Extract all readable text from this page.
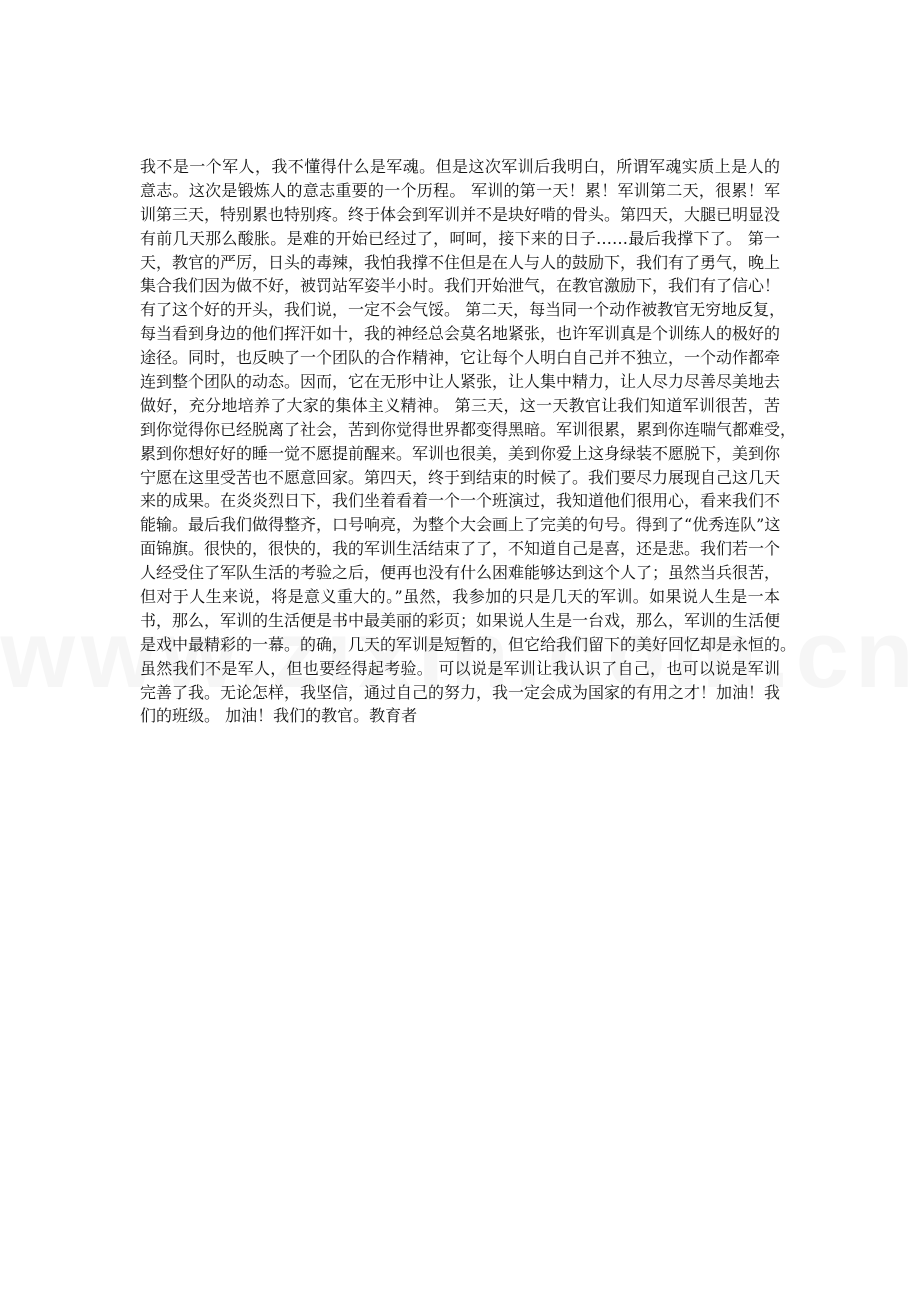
我不是一个军人，我不懂得什么是军魂。但是这次军训后我明白，所谓军魂实质上是人的
意志。这次是锻炼人的意志重要的一个历程。 军训的第一天！累！军训第二天，很累！军
训第三天，特别累也特别疼。终于体会到军训并不是块好啃的骨头。第四天，大腿已明显没
有前几天那么酸胀。是难的开始已经过了，呵呵，接下来的日子……最后我撑下了。 第一
天，教官的严厉，日头的毒辣，我怕我撑不住但是在人与人的鼓励下，我们有了勇气，晚上
集合我们因为做不好，被罚站军姿半小时。我们开始泄气，在教官激励下，我们有了信心！
有了这个好的开头，我们说，一定不会气馁。 第二天，每当同一个动作被教官无穷地反复，
每当看到身边的他们挥汗如十，我的神经总会莫名地紧张，也许军训真是个训练人的极好的
途径。同时，也反映了一个团队的合作精神，它让每个人明白自己并不独立，一个动作都牵
连到整个团队的动态。因而，它在无形中让人紧张，让人集中精力，让人尽力尽善尽美地去
做好，充分地培养了大家的集体主义精神。 第三天，这一天教官让我们知道军训很苦，苦
到你觉得你已经脱离了社会，苦到你觉得世界都变得黑暗。军训很累，累到你连喘气都难受，
累到你想好好的睡一觉不愿提前醒来。军训也很美，美到你爱上这身绿装不愿脱下，美到你
宁愿在这里受苦也不愿意回家。第四天，终于到结束的时候了。我们要尽力展现自己这几天
来的成果。在炎炎烈日下，我们坐着看着一个一个班演过，我知道他们很用心，看来我们不
能输。最后我们做得整齐，口号响亮，为整个大会画上了完美的句号。得到了“优秀连队”这
面锦旗。很快的，很快的，我的军训生活结束了了，不知道自己是喜，还是悲。我们若一个
人经受住了军队生活的考验之后，便再也没有什么困难能够达到这个人了；虽然当兵很苦，
但对于人生来说，将是意义重大的。”虽然，我参加的只是几天的军训。如果说人生是一本
书，那么，军训的生活便是书中最美丽的彩页；如果说人生是一台戏，那么，军训的生活便
是戏中最精彩的一幕。的确，几天的军训是短暂的，但它给我们留下的美好回忆却是永恒的。
虽然我们不是军人，但也要经得起考验。 可以说是军训让我认识了自己，也可以说是军训
完善了我。无论怎样，我坚信，通过自己的努力，我一定会成为国家的有用之才！加油！我
们的班级。 加油！我们的教官。教育者
